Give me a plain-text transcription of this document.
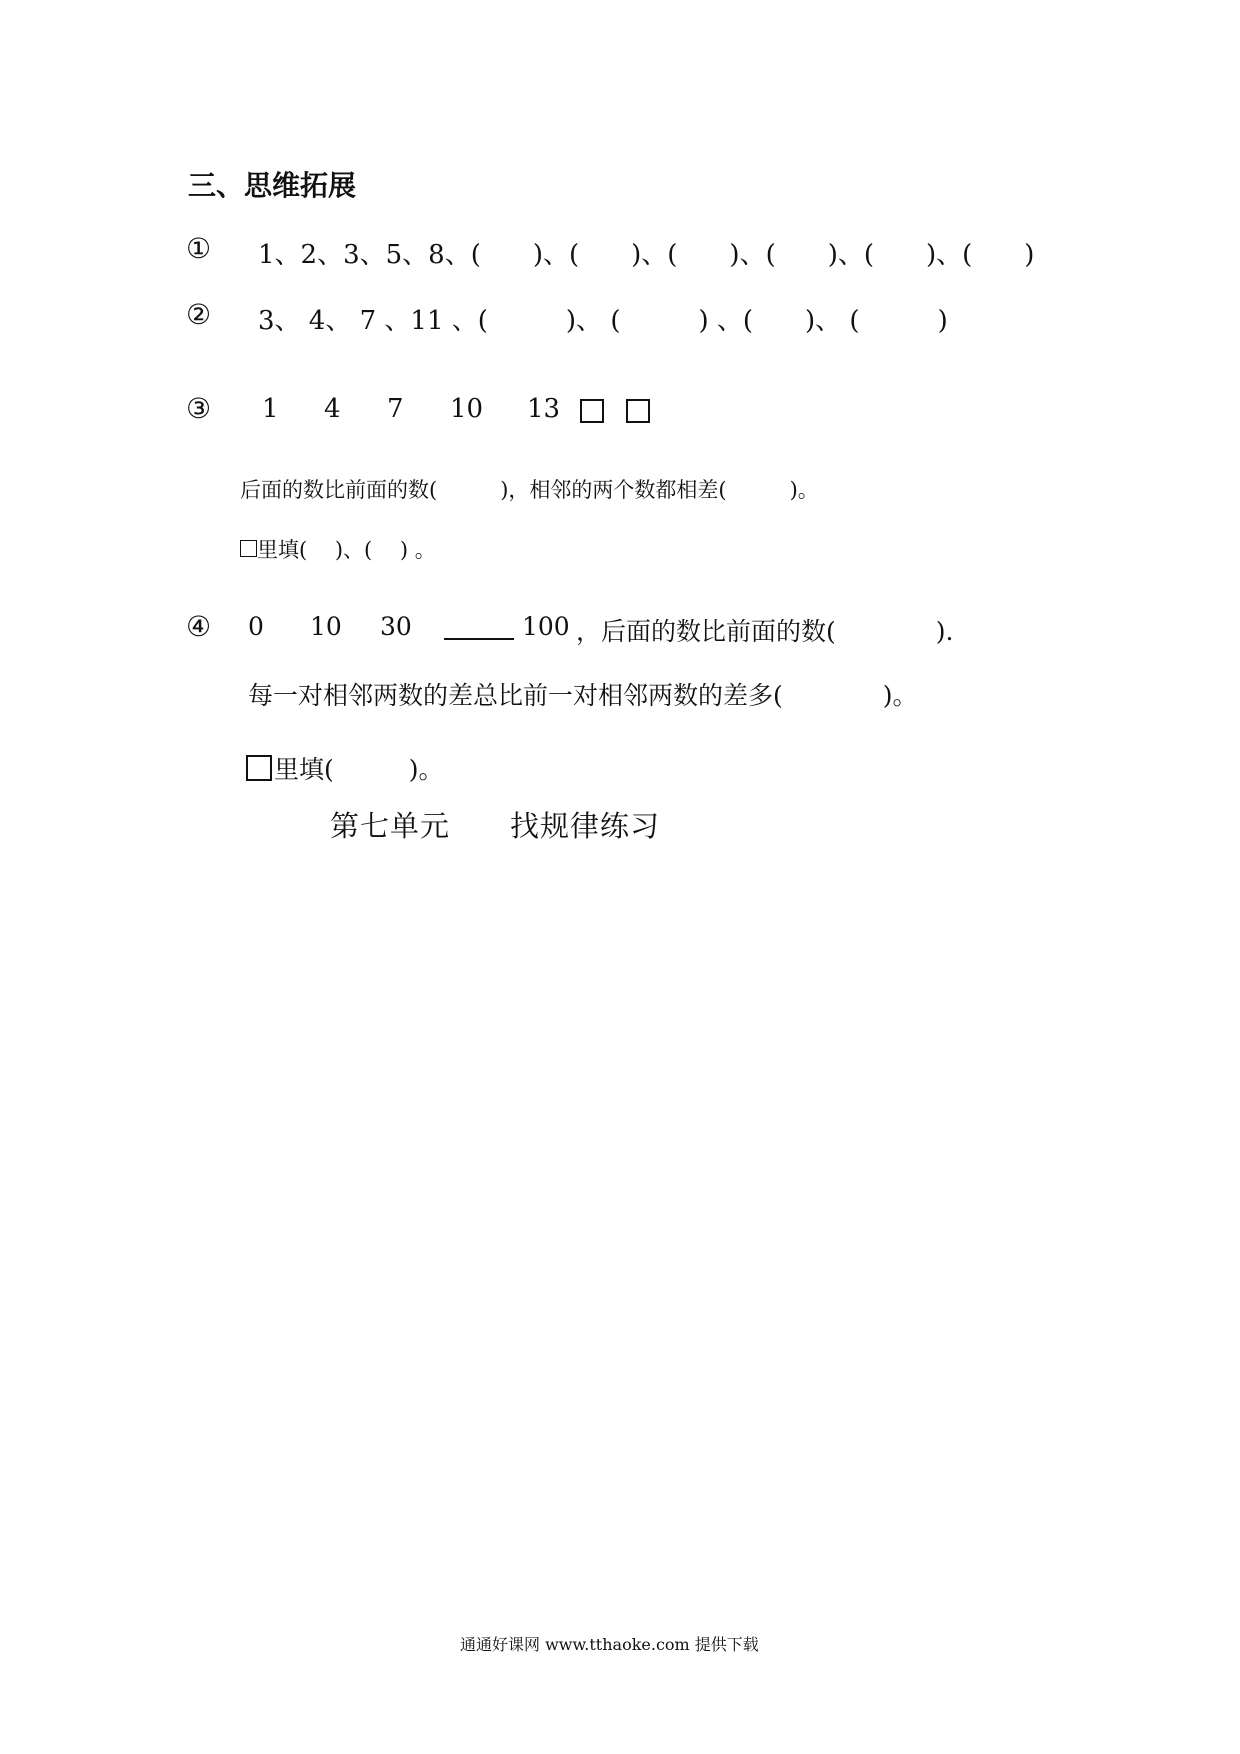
三、思维拓展
① 1、2、3、5、8、(　　)、(　　)、(　　)、(　　)、(　　)、(　　)
② 3、 4、 7 、11 、(　　　)、 (　　　) 、(　　)、 (　　　)
③ 1 4 7 10 13
后面的数比前面的数(　　　)，相邻的两个数都相差(　　　)。
里填(　 )、(　 ) 。
④ 0 10 30	100 ，后面的数比前面的数(　　　　).
每一对相邻两数的差总比前一对相邻两数的差多(　　　　)。
里填(　　　)。
第七单元　　找规律练习
通通好课网 www.tthaoke.com 提供下载
